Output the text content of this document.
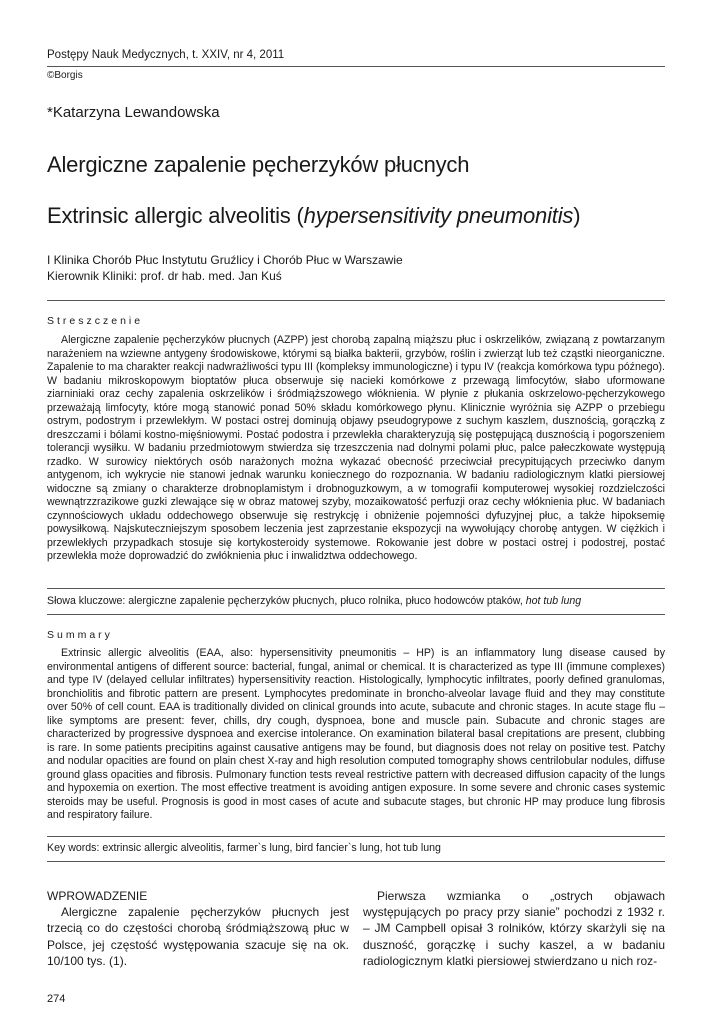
Postępy Nauk Medycznych, t. XXIV, nr 4, 2011
©Borgis
*Katarzyna Lewandowska
Alergiczne zapalenie pęcherzyków płucnych
Extrinsic allergic alveolitis (hypersensitivity pneumonitis)
I Klinika Chorób Płuc Instytutu Gruźlicy i Chorób Płuc w Warszawie
Kierownik Kliniki: prof. dr hab. med. Jan Kuś
Streszczenie
Alergiczne zapalenie pęcherzyków płucnych (AZPP) jest chorobą zapalną miąższu płuc i oskrzelików, związaną z powtarzanym narażeniem na wziewne antygeny środowiskowe, którymi są białka bakterii, grzybów, roślin i zwierząt lub też cząstki nieorganiczne. Zapalenie to ma charakter reakcji nadwrażliwości typu III (kompleksy immunologiczne) i typu IV (reakcja komórkowa typu późnego). W badaniu mikroskopowym bioptatów płuca obserwuje się nacieki komórkowe z przewagą limfocytów, słabo uformowane ziarniniaki oraz cechy zapalenia oskrzelików i śródmiąższowego włóknienia. W płynie z płukania oskrzelowo-pęcherzykowego przeważają limfocyty, które mogą stanowić ponad 50% składu komórkowego płynu. Klinicznie wyróżnia się AZPP o przebiegu ostrym, podostrym i przewlekłym. W postaci ostrej dominują objawy pseudogrypowe z suchym kaszlem, dusznością, gorączką z dreszczami i bólami kostno-mięśniowymi. Postać podostra i przewlekła charakteryzują się postępującą dusznością i pogorszeniem tolerancji wysiłku. W badaniu przedmiotowym stwierdza się trzeszczenia nad dolnymi polami płuc, palce pałeczkowate występują rzadko. W surowicy niektórych osób narażonych można wykazać obecność przeciwciał precypitujących przeciwko danym antygenom, ich wykrycie nie stanowi jednak warunku koniecznego do rozpoznania. W badaniu radiologicznym klatki piersiowej widoczne są zmiany o charakterze drobnoplamistym i drobnoguzkowym, a w tomografii komputerowej wysokiej rozdzielczości wewnątrzzrazikowe guzki zlewające się w obraz matowej szyby, mozaikowatość perfuzji oraz cechy włóknienia płuc. W badaniach czynnościowych układu oddechowego obserwuje się restrykcję i obniżenie pojemności dyfuzyjnej płuc, a także hipoksemię powysiłkową. Najskuteczniejszym sposobem leczenia jest zaprzestanie ekspozycji na wywołujący chorobę antygen. W ciężkich i przewlekłych przypadkach stosuje się kortykosteroidy systemowe. Rokowanie jest dobre w postaci ostrej i podostrej, postać przewlekła może doprowadzić do zwłóknienia płuc i inwalidztwa oddechowego.
Słowa kluczowe: alergiczne zapalenie pęcherzyków płucnych, płuco rolnika, płuco hodowców ptaków, hot tub lung
Summary
Extrinsic allergic alveolitis (EAA, also: hypersensitivity pneumonitis – HP) is an inflammatory lung disease caused by environmental antigens of different source: bacterial, fungal, animal or chemical. It is characterized as type III (immune complexes) and type IV (delayed cellular infiltrates) hypersensitivity reaction. Histologically, lymphocytic infiltrates, poorly defined granulomas, bronchiolitis and fibrotic pattern are present. Lymphocytes predominate in broncho-alveolar lavage fluid and they may constitute over 50% of cell count. EAA is traditionally divided on clinical grounds into acute, subacute and chronic stages. In acute stage flu – like symptoms are present: fever, chills, dry cough, dyspnoea, bone and muscle pain. Subacute and chronic stages are characterized by progressive dyspnoea and exercise intolerance. On examination bilateral basal crepitations are present, clubbing is rare. In some patients precipitins against causative antigens may be found, but diagnosis does not relay on positive test. Patchy and nodular opacities are found on plain chest X-ray and high resolution computed tomography shows centrilobular nodules, diffuse ground glass opacities and fibrosis. Pulmonary function tests reveal restrictive pattern with decreased diffusion capacity of the lungs and hypoxemia on exertion. The most effective treatment is avoiding antigen exposure. In some severe and chronic cases systemic steroids may be useful. Prognosis is good in most cases of acute and subacute stages, but chronic HP may produce lung fibrosis and respiratory failure.
Key words: extrinsic allergic alveolitis, farmer`s lung, bird fancier`s lung, hot tub lung
WPROWADZENIE
Alergiczne zapalenie pęcherzyków płucnych jest trzecią co do częstości chorobą śródmiąższową płuc w Polsce, jej częstość występowania szacuje się na ok. 10/100 tys. (1).
Pierwsza wzmianka o „ostrych objawach występujących po pracy przy sianie” pochodzi z 1932 r. – JM Campbell opisał 3 rolników, którzy skarżyli się na duszność, gorączkę i suchy kaszel, a w badaniu radiologicznym klatki piersiowej stwierdzano u nich roz-
274
